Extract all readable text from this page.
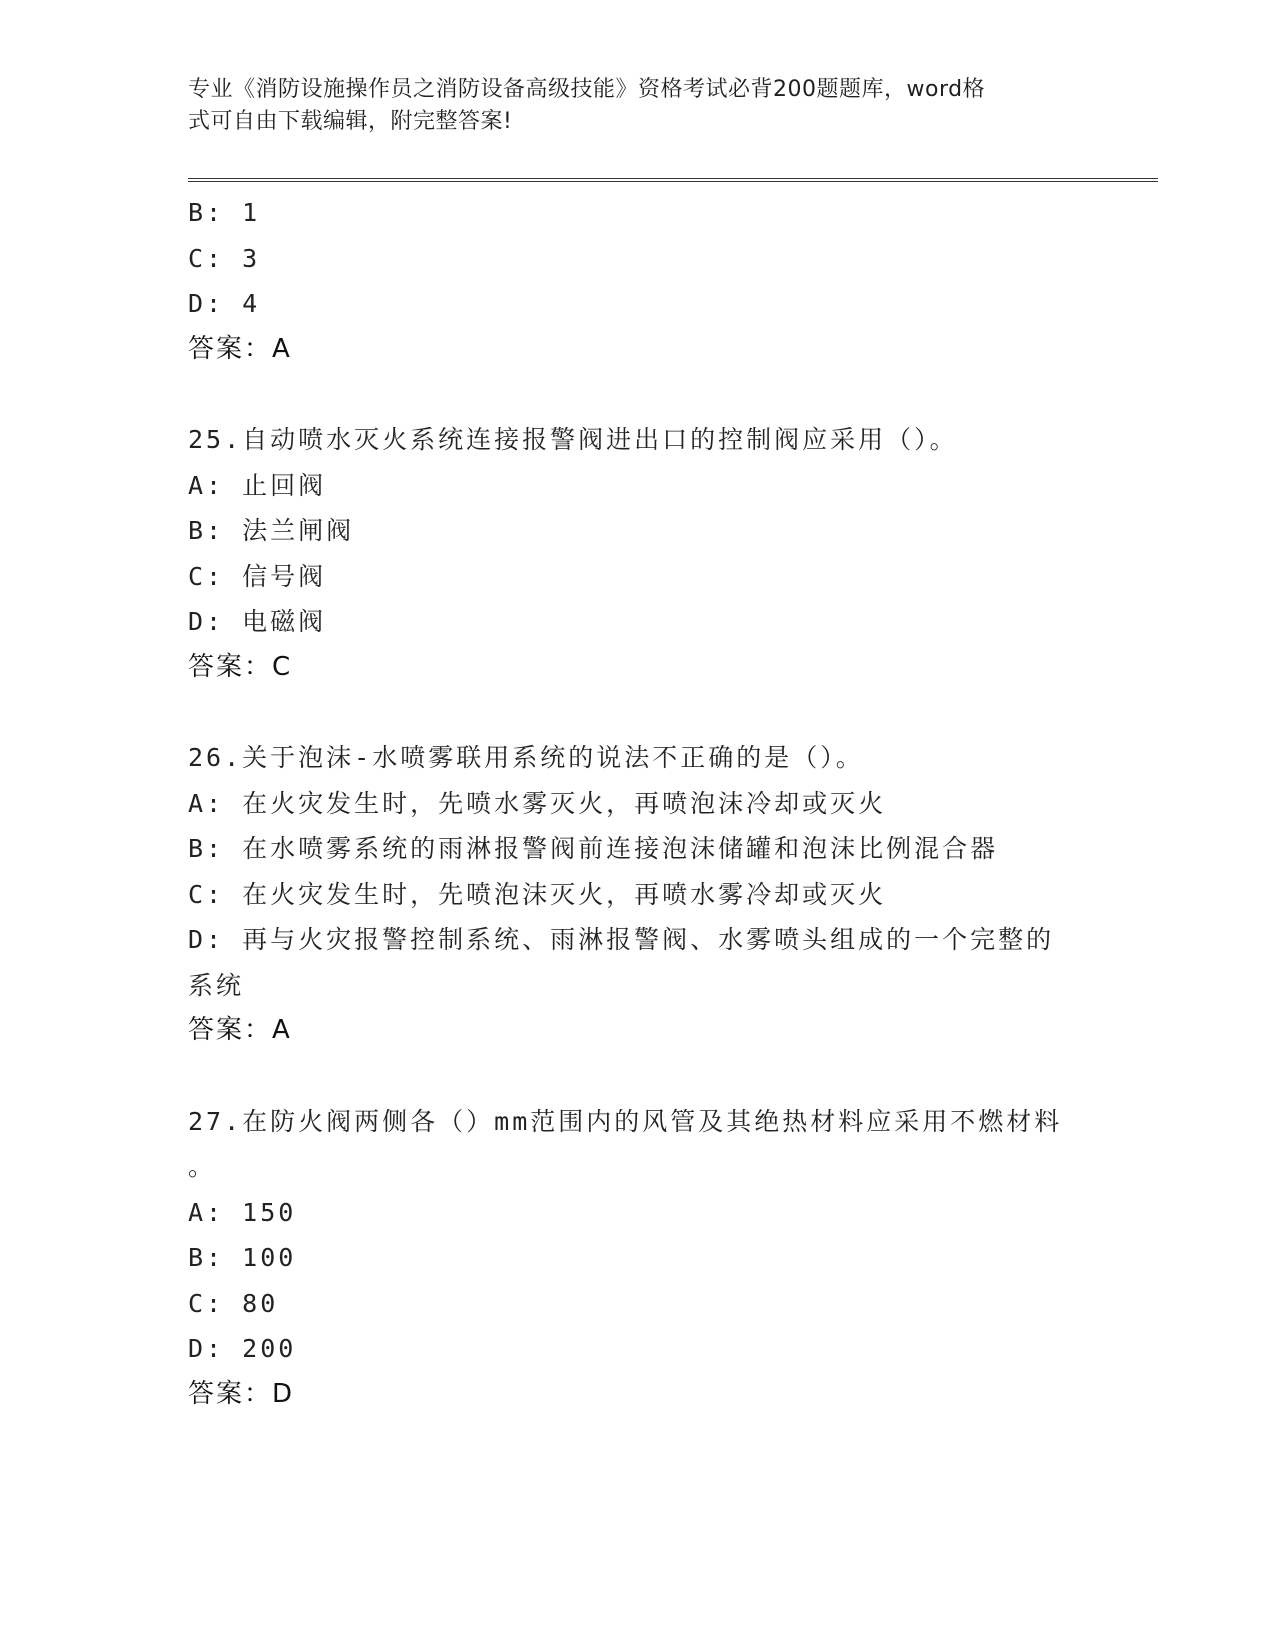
专业《消防设施操作员之消防设备高级技能》资格考试必背200题题库，word格
式可自由下载编辑，附完整答案!
B: 1
C: 3
D: 4
答案：A
25.自动喷水灭火系统连接报警阀进出口的控制阀应采用（）。
A: 止回阀
B: 法兰闸阀
C: 信号阀
D: 电磁阀
答案：C
26.关于泡沫-水喷雾联用系统的说法不正确的是（）。
A: 在火灾发生时，先喷水雾灭火，再喷泡沫冷却或灭火
B: 在水喷雾系统的雨淋报警阀前连接泡沫储罐和泡沫比例混合器
C: 在火灾发生时，先喷泡沫灭火，再喷水雾冷却或灭火
D: 再与火灾报警控制系统、雨淋报警阀、水雾喷头组成的一个完整的
系统
答案：A
27.在防火阀两侧各（）mm范围内的风管及其绝热材料应采用不燃材料
。
A: 150
B: 100
C: 80
D: 200
答案：D
